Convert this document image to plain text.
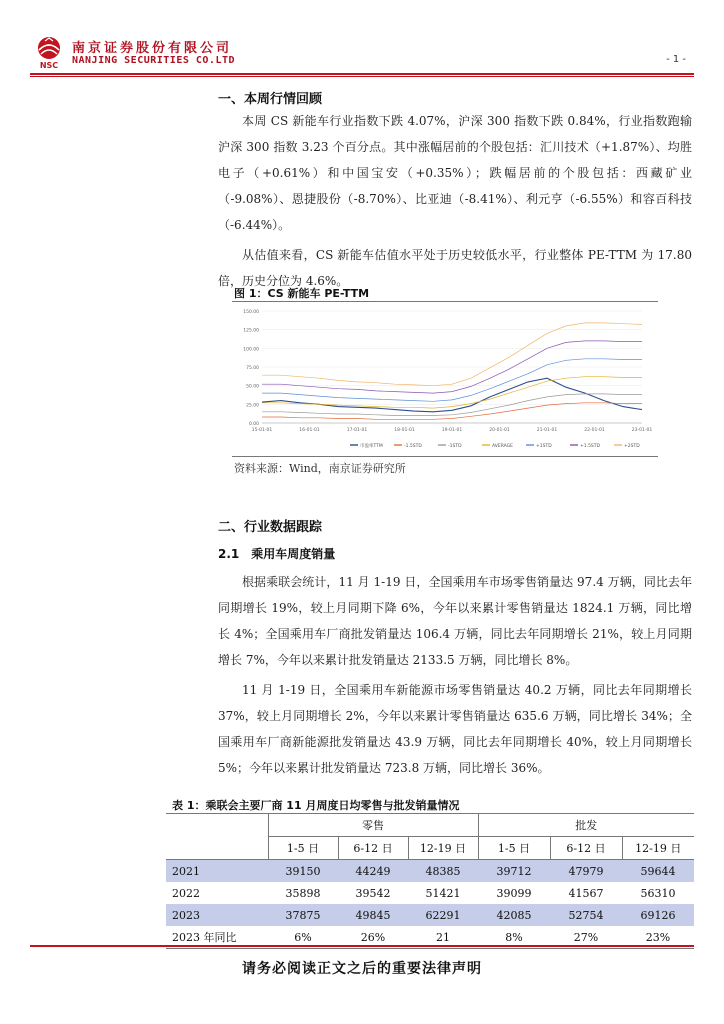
NSC
南京证券股份有限公司
NANJING SECURITIES CO.LTD	- 1 -
一、本周行情回顾

本周 CS 新能车行业指数下跌 4.07%，沪深 300 指数下跌 0.84%，行业指数跑输沪深 300 指数 3.23 个百分点。其中涨幅居前的个股包括：汇川技术（+1.87%）、均胜电子（+0.61%）和中国宝安（+0.35%）；跌幅居前的个股包括：西藏矿业（-9.08%）、恩捷股份（-8.70%）、比亚迪（-8.41%）、利元亨（-6.55%）和容百科技（-6.44%）。

从估值来看，CS 新能车估值水平处于历史较低水平，行业整体 PE-TTM 为 17.80 倍，历史分位为 4.6%。

图 1：CS 新能车 PE-TTM
0.00
25.00
50.00
75.00
100.00
125.00
150.00
15-01-01	16-01-01	17-01-01	18-01-01	19-01-01	20-01-01	21-01-01	22-01-01	23-01-01
市盈率TTM	-1.5STD	-1STD	AVERAGE	+1STD	+1.5STD	+2STD
资料来源：Wind，南京证券研究所
二、行业数据跟踪
2.1　乘用车周度销量

根据乘联会统计，11 月 1-19 日，全国乘用车市场零售销量达 97.4 万辆，同比去年同期增长 19%，较上月同期下降 6%，今年以来累计零售销量达 1824.1 万辆，同比增长 4%；全国乘用车厂商批发销量达 106.4 万辆，同比去年同期增长 21%，较上月同期增长 7%，今年以来累计批发销量达 2133.5 万辆，同比增长 8%。

11 月 1-19 日，全国乘用车新能源市场零售销量达 40.2 万辆，同比去年同期增长 37%，较上月同期增长 2%，今年以来累计零售销量达 635.6 万辆，同比增长 34%；全国乘用车厂商新能源批发销量达 43.9 万辆，同比去年同期增长 40%，较上月同期增长 5%；今年以来累计批发销量达 723.8 万辆，同比增长 36%。

表 1：乘联会主要厂商 11 月周度日均零售与批发销量情况
	零售			批发		
	1-5 日	6-12 日	12-19 日	1-5 日	6-12 日	12-19 日
2021	39150	44249	48385	39712	47979	59644
2022	35898	39542	51421	39099	41567	56310
2023	37875	49845	62291	42085	52754	69126
2023 年同比	6%	26%	21	8%	27%	23%
请务必阅读正文之后的重要法律声明
